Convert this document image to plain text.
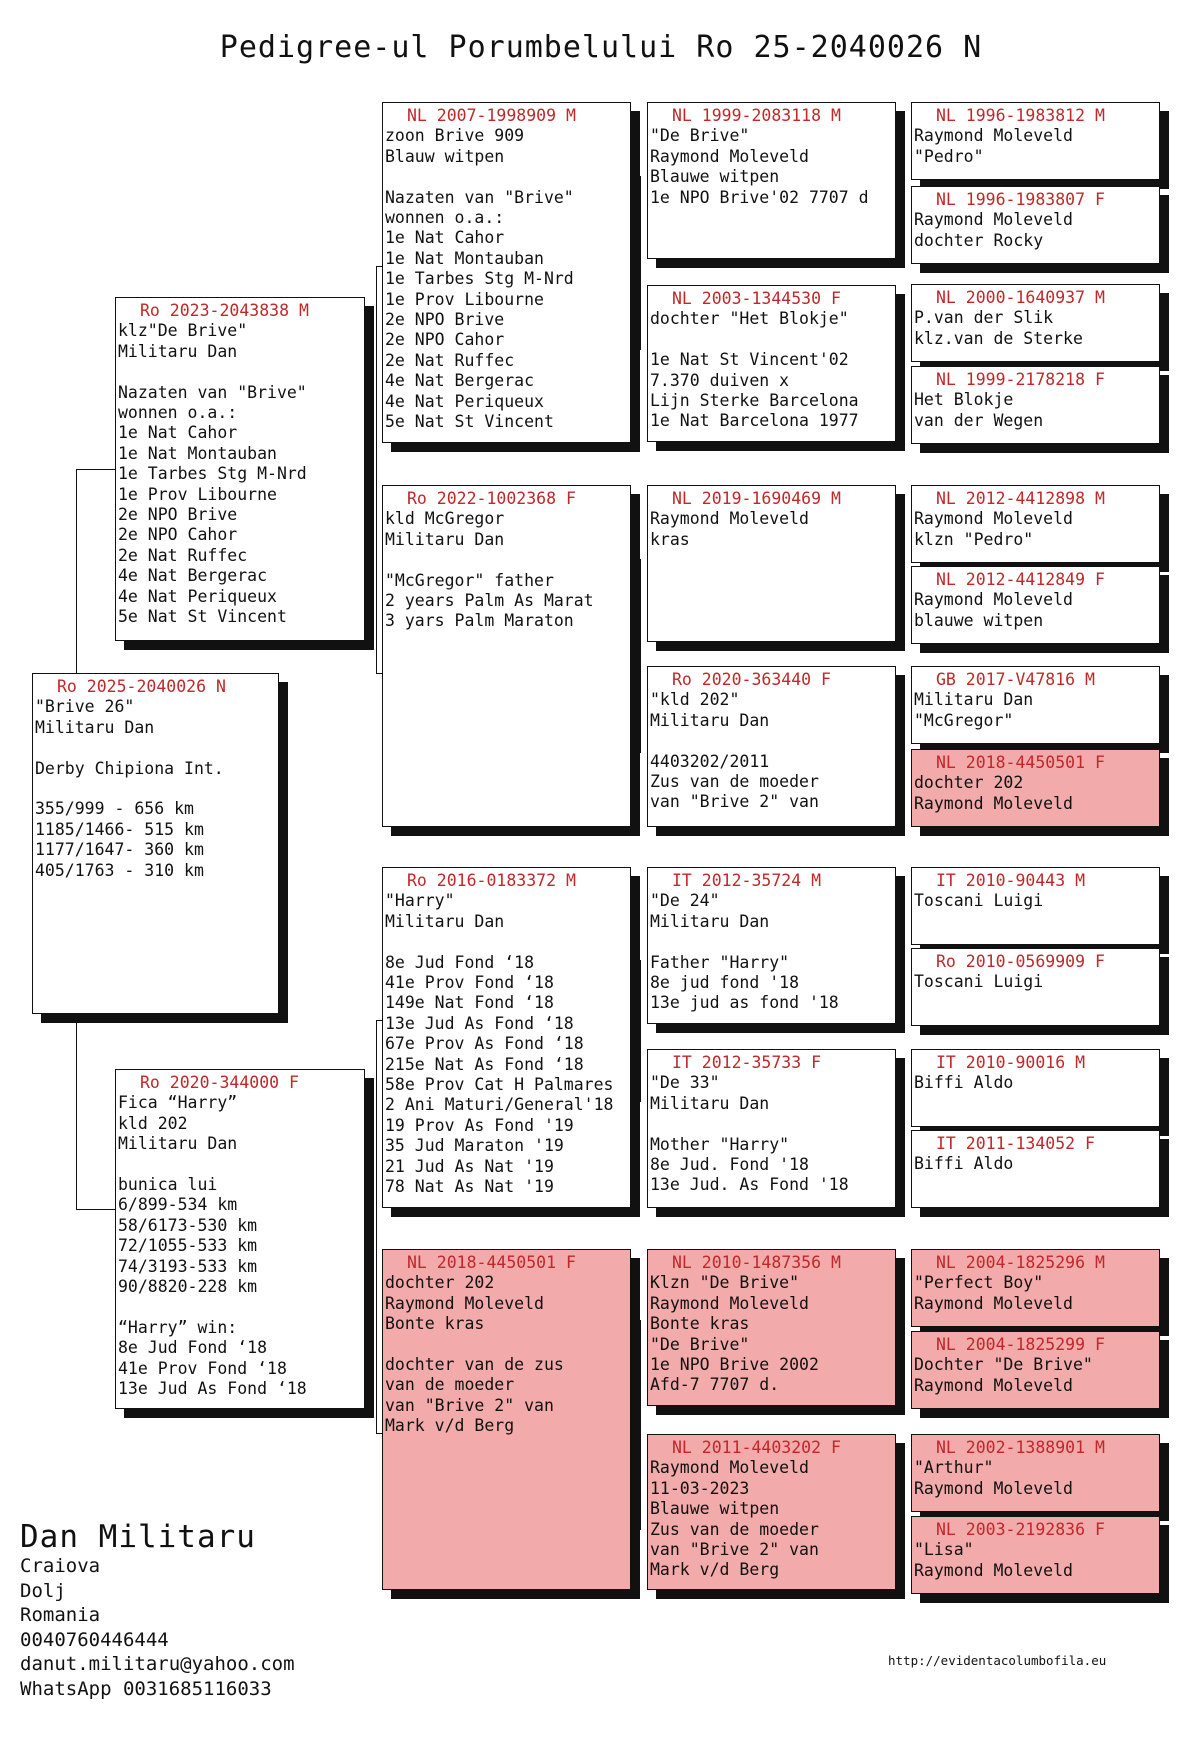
Pedigree-ul Porumbelului Ro 25-2040026 N
Ro 2025-2040026 N
"Brive 26"
Militaru Dan

Derby Chipiona Int.

355/999 - 656 km
1185/1466- 515 km
1177/1647- 360 km
405/1763 - 310 km
Ro 2023-2043838 M
klz"De Brive"
Militaru Dan

Nazaten van "Brive"
wonnen o.a.:
1e Nat Cahor
1e Nat Montauban
1e Tarbes Stg M-Nrd
1e Prov Libourne
2e NPO Brive
2e NPO Cahor
2e Nat Ruffec
4e Nat Bergerac
4e Nat Periqueux
5e Nat St Vincent
Ro 2020-344000 F
Fica “Harry”
kld 202
Militaru Dan

bunica lui
6/899-534 km
58/6173-530 km
72/1055-533 km
74/3193-533 km
90/8820-228 km

“Harry” win:
8e Jud Fond ‘18
41e Prov Fond ‘18
13e Jud As Fond ‘18
NL 2007-1998909 M
zoon Brive 909
Blauw witpen

Nazaten van "Brive"
wonnen o.a.:
1e Nat Cahor
1e Nat Montauban
1e Tarbes Stg M-Nrd
1e Prov Libourne
2e NPO Brive
2e NPO Cahor
2e Nat Ruffec
4e Nat Bergerac
4e Nat Periqueux
5e Nat St Vincent
Ro 2022-1002368 F
kld McGregor
Militaru Dan

"McGregor" father
2 years Palm As Marat
3 yars Palm Maraton
Ro 2016-0183372 M
"Harry"
Militaru Dan

8e Jud Fond ‘18
41e Prov Fond ‘18
149e Nat Fond ‘18
13e Jud As Fond ‘18
67e Prov As Fond ‘18
215e Nat As Fond ‘18
58e Prov Cat H Palmares
2 Ani Maturi/General'18
19 Prov As Fond '19
35 Jud Maraton '19
21 Jud As Nat '19
78 Nat As Nat '19
NL 2018-4450501 F
dochter 202
Raymond Moleveld
Bonte kras

dochter van de zus
van de moeder
van "Brive 2" van
Mark v/d Berg
NL 1999-2083118 M
"De Brive"
Raymond Moleveld
Blauwe witpen
1e NPO Brive'02 7707 d
NL 2003-1344530 F
dochter "Het Blokje"

1e Nat St Vincent'02
7.370 duiven x
Lijn Sterke Barcelona
1e Nat Barcelona 1977
NL 2019-1690469 M
Raymond Moleveld
kras
Ro 2020-363440 F
"kld 202"
Militaru Dan

4403202/2011
Zus van de moeder
van "Brive 2" van
IT 2012-35724 M
"De 24"
Militaru Dan

Father "Harry"
8e jud fond '18
13e jud as fond '18
IT 2012-35733 F
"De 33"
Militaru Dan

Mother "Harry"
8e Jud. Fond '18
13e Jud. As Fond '18
NL 2010-1487356 M
Klzn "De Brive"
Raymond Moleveld
Bonte kras
"De Brive"
1e NPO Brive 2002
Afd-7 7707 d.
NL 2011-4403202 F
Raymond Moleveld
11-03-2023
Blauwe witpen
Zus van de moeder
van "Brive 2" van
Mark v/d Berg
NL 1996-1983812 M
Raymond Moleveld
"Pedro"
NL 1996-1983807 F
Raymond Moleveld
dochter Rocky
NL 2000-1640937 M
P.van der Slik
klz.van de Sterke
NL 1999-2178218 F
Het Blokje
van der Wegen
NL 2012-4412898 M
Raymond Moleveld
klzn "Pedro"
NL 2012-4412849 F
Raymond Moleveld
blauwe witpen
GB 2017-V47816 M
Militaru Dan
"McGregor"
NL 2018-4450501 F
dochter 202
Raymond Moleveld
IT 2010-90443 M
Toscani Luigi
Ro 2010-0569909 F
Toscani Luigi
IT 2010-90016 M
Biffi Aldo
IT 2011-134052 F
Biffi Aldo
NL 2004-1825296 M
"Perfect Boy"
Raymond Moleveld
NL 2004-1825299 F
Dochter "De Brive"
Raymond Moleveld
NL 2002-1388901 M
"Arthur"
Raymond Moleveld
NL 2003-2192836 F
"Lisa"
Raymond Moleveld
Dan Militaru
Craiova
Dolj
Romania
0040760446444
danut.militaru@yahoo.com
WhatsApp 0031685116033
http://evidentacolumbofila.eu
